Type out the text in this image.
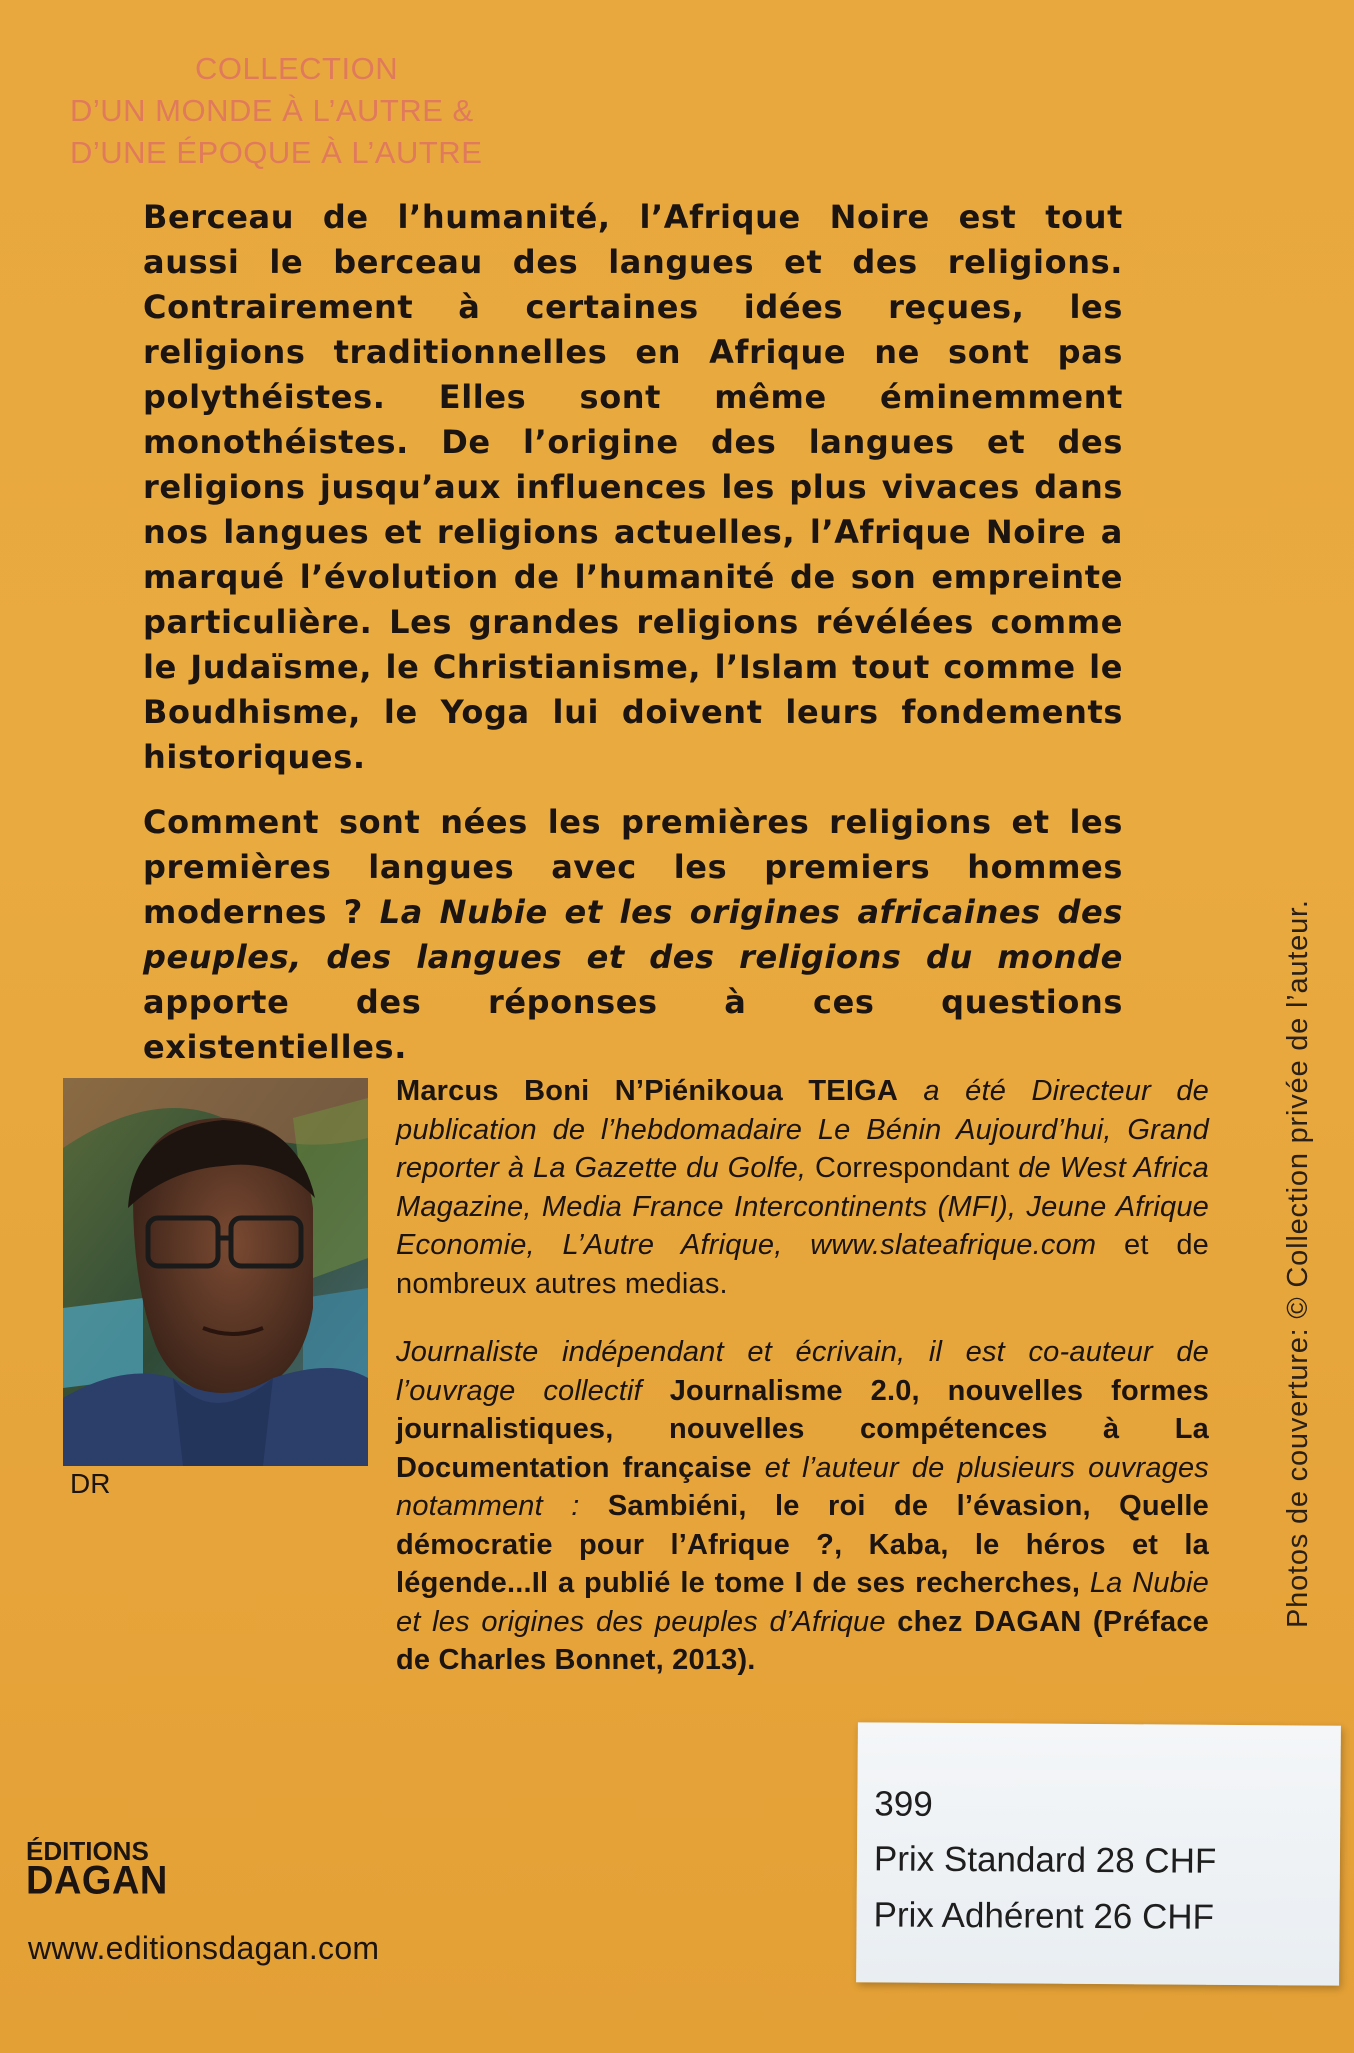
COLLECTION
D’UN MONDE À L’AUTRE &
D’UNE ÉPOQUE À L’AUTRE

Berceau de l’humanité, l’Afrique Noire est tout aussi le berceau des langues et des religions. Contrairement à certaines idées reçues, les religions traditionnelles en Afrique ne sont pas polythéistes. Elles sont même éminemment monothéistes. De l’origine des langues et des religions jusqu’aux influences les plus vivaces dans nos langues et religions actuelles, l’Afrique Noire a marqué l’évolution de l’humanité de son empreinte particulière. Les grandes religions révélées comme le Judaïsme, le Christianisme, l’Islam tout comme le Boudhisme, le Yoga lui doivent leurs fondements historiques.

Comment sont nées les premières religions et les premières langues avec les premiers hommes modernes ? La Nubie et les origines africaines des peuples, des langues et des religions du monde apporte des réponses à ces questions existentielles.

DR

Marcus Boni N’Piénikoua TEIGA a été Directeur de publication de l’hebdomadaire Le Bénin Aujourd’hui, Grand reporter à La Gazette du Golfe, Correspondant de West Africa Magazine, Media France Intercontinents (MFI), Jeune Afrique Economie, L’Autre Afrique, www.slateafrique.com et de nombreux autres medias.

Journaliste indépendant et écrivain, il est co-auteur de l’ouvrage collectif Journalisme 2.0, nouvelles formes journalistiques, nouvelles compétences à La Documentation française et l’auteur de plusieurs ouvrages notamment : Sambiéni, le roi de l’évasion, Quelle démocratie pour l’Afrique ?, Kaba, le héros et la légende...Il a publié le tome I de ses recherches, La Nubie et les origines des peuples d’Afrique chez DAGAN (Préface de Charles Bonnet, 2013).

Photos de couverture: © Collection privée de l’auteur.
ÉDITIONS
DAGAN
www.editionsdagan.com
399
Prix Standard 28 CHF
Prix Adhérent 26 CHF
